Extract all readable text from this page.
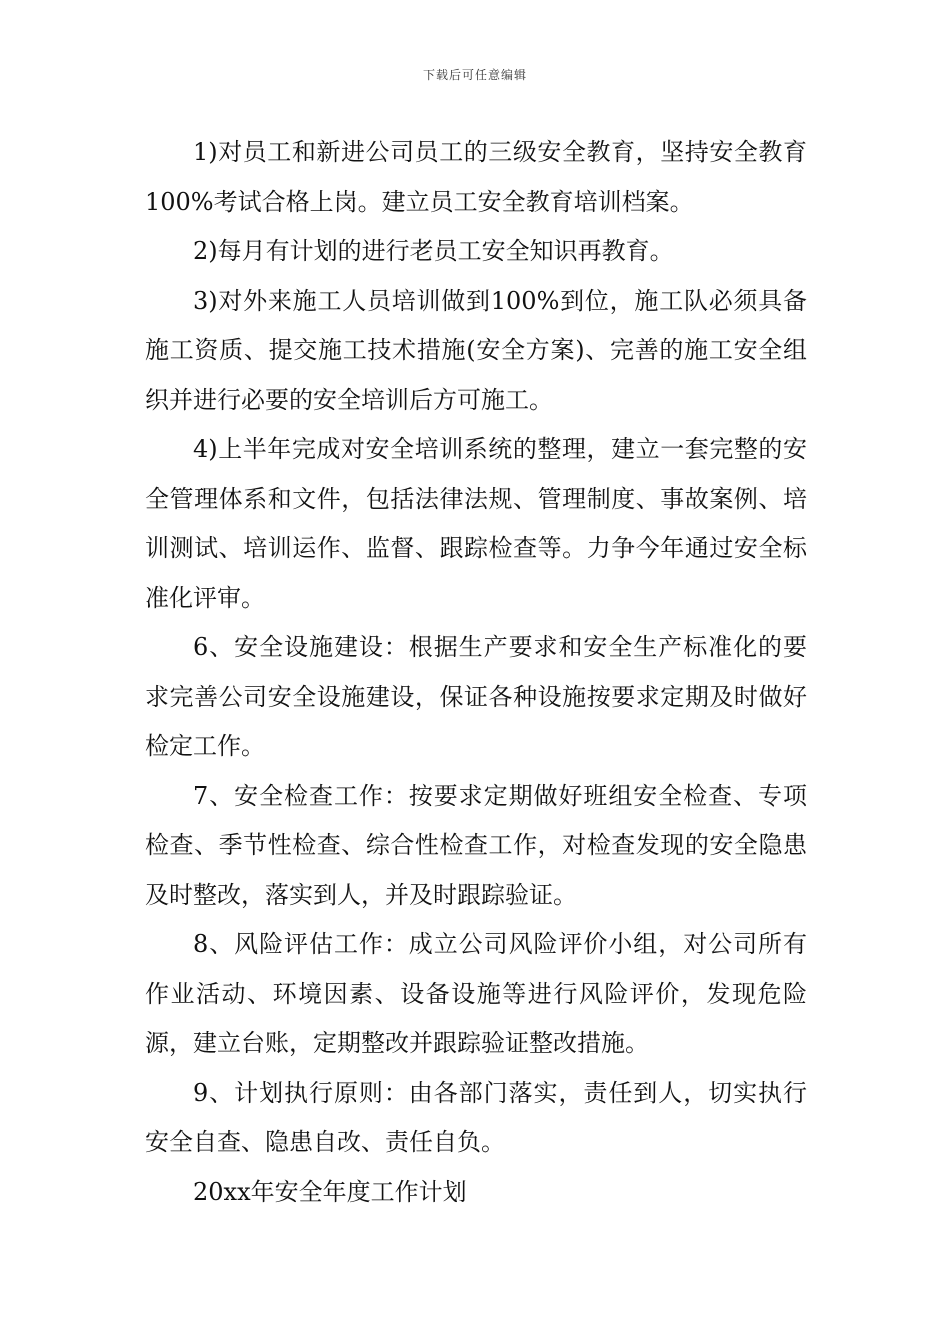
下载后可任意编辑

1)对员工和新进公司员工的三级安全教育，坚持安全教育100%考试合格上岗。建立员工安全教育培训档案。

2)每月有计划的进行老员工安全知识再教育。

3)对外来施工人员培训做到100%到位，施工队必须具备施工资质、提交施工技术措施(安全方案)、完善的施工安全组织并进行必要的安全培训后方可施工。

4)上半年完成对安全培训系统的整理，建立一套完整的安全管理体系和文件，包括法律法规、管理制度、事故案例、培训测试、培训运作、监督、跟踪检查等。力争今年通过安全标准化评审。

6、安全设施建设：根据生产要求和安全生产标准化的要求完善公司安全设施建设，保证各种设施按要求定期及时做好检定工作。

7、安全检查工作：按要求定期做好班组安全检查、专项检查、季节性检查、综合性检查工作，对检查发现的安全隐患及时整改，落实到人，并及时跟踪验证。

8、风险评估工作：成立公司风险评价小组，对公司所有作业活动、环境因素、设备设施等进行风险评价，发现危险源，建立台账，定期整改并跟踪验证整改措施。

9、计划执行原则：由各部门落实，责任到人，切实执行安全自查、隐患自改、责任自负。

20xx年安全年度工作计划
